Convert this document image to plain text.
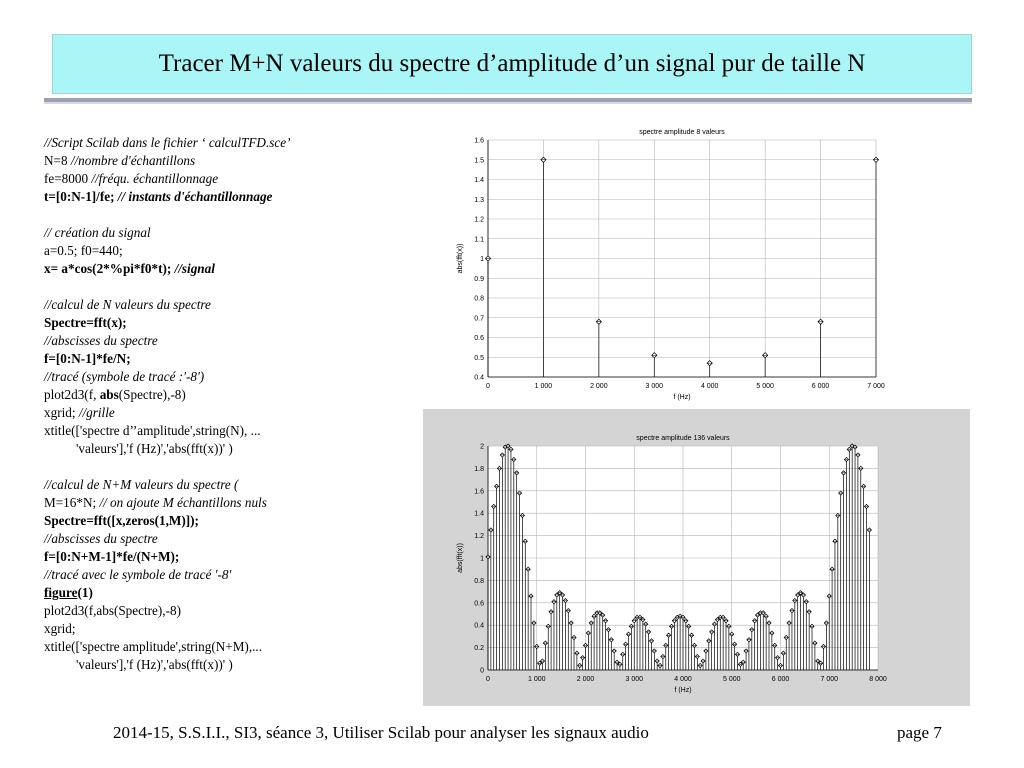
Tracer M+N valeurs du spectre d’amplitude d’un signal pur de taille N
//Script Scilab dans le fichier ‘ calculTFD.sce’
N=8 //nombre d'échantillons
fe=8000 //fréqu. échantillonnage
t=[0:N-1]/fe; // instants d'échantillonnage
// création du signal
a=0.5; f0=440;
x= a*cos(2*%pi*f0*t); //signal
//calcul de N valeurs du spectre
Spectre=fft(x);
//abscisses du spectre
f=[0:N-1]*fe/N;
//tracé (symbole de tracé :'-8')
plot2d3(f, abs(Spectre),-8)
xgrid; //grille
xtitle(['spectre d’’amplitude',string(N), ...
'valeurs'],'f (Hz)','abs(fft(x))' )
//calcul de N+M valeurs du spectre (
M=16*N; // on ajoute M échantillons nuls
Spectre=fft([x,zeros(1,M)]);
//abscisses du spectre
f=[0:N+M-1]*fe/(N+M);
//tracé avec le symbole de tracé '-8'
figure(1)
plot2d3(f,abs(Spectre),-8)
xgrid;
xtitle(['spectre amplitude',string(N+M),...
'valeurs'],'f (Hz)','abs(fft(x))' )
0	1 000	2 000	3 000	4 000	5 000	6 000	7 000
0.4
0.5
0.6
0.7
0.8
0.9
1
1.1
1.2
1.3
1.4
1.5
1.6
spectre amplitude 8 valeurs
f (Hz)
abs(fft(x))
0	1 000	2 000	3 000	4 000	5 000	6 000	7 000	8 000
0
0.2
0.4
0.6
0.8
1
1.2
1.4
1.6
1.8
2
spectre amplitude 136 valeurs
f (Hz)
abs(fft(x))
2014-15, S.S.I.I., SI3, séance 3, Utiliser Scilab pour analyser les signaux audio	page 7
